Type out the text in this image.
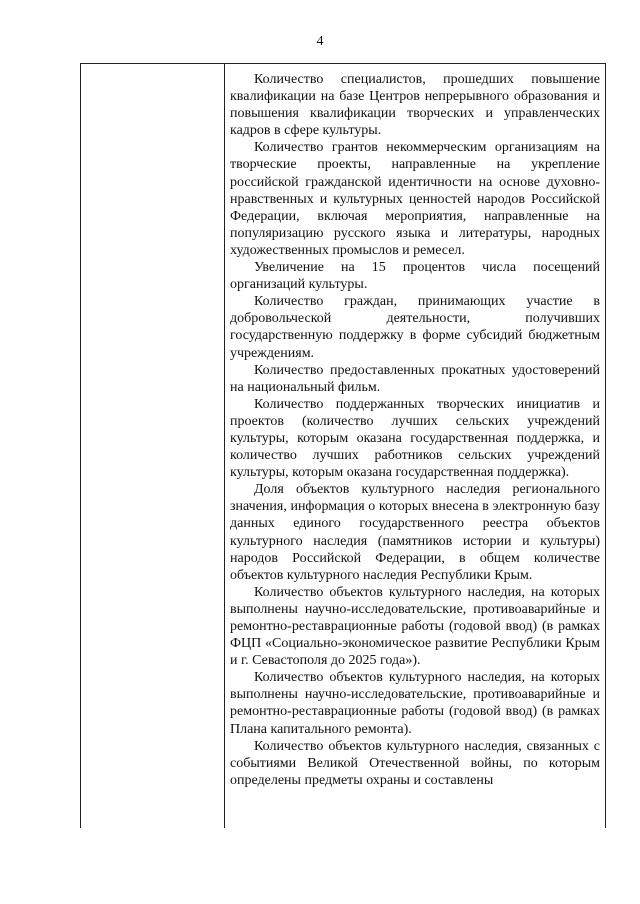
4

Количество специалистов, прошедших повышение квалификации на базе Центров непрерывного образования и повышения квалификации творческих и управленческих кадров в сфере культуры.

Количество грантов некоммерческим организациям на творческие проекты, направленные на укрепление российской гражданской идентичности на основе духовно-нравственных и культурных ценностей народов Российской Федерации, включая мероприятия, направленные на популяризацию русского языка и литературы, народных художественных промыслов и ремесел.

Увеличение на 15 процентов числа посещений организаций культуры.

Количество граждан, принимающих участие в добровольческой деятельности, получивших государственную поддержку в форме субсидий бюджетным учреждениям.

Количество предоставленных прокатных удостоверений на национальный фильм.

Количество поддержанных творческих инициатив и проектов (количество лучших сельских учреждений культуры, которым оказана государственная поддержка, и количество лучших работников сельских учреждений культуры, которым оказана государственная поддержка).

Доля объектов культурного наследия регионального значения, информация о которых внесена в электронную базу данных единого государственного реестра объектов культурного наследия (памятников истории и культуры) народов Российской Федерации, в общем количестве объектов культурного наследия Республики Крым.

Количество объектов культурного наследия, на которых выполнены научно-исследовательские, противоаварийные и ремонтно-реставрационные работы (годовой ввод) (в рамках ФЦП «Социально-экономическое развитие Республики Крым и г. Севастополя до 2025 года»).

Количество объектов культурного наследия, на которых выполнены научно-исследовательские, противоаварийные и ремонтно-реставрационные работы (годовой ввод) (в рамках Плана капитального ремонта).

Количество объектов культурного наследия, связанных с событиями Великой Отечественной войны, по которым определены предметы охраны и составлены
